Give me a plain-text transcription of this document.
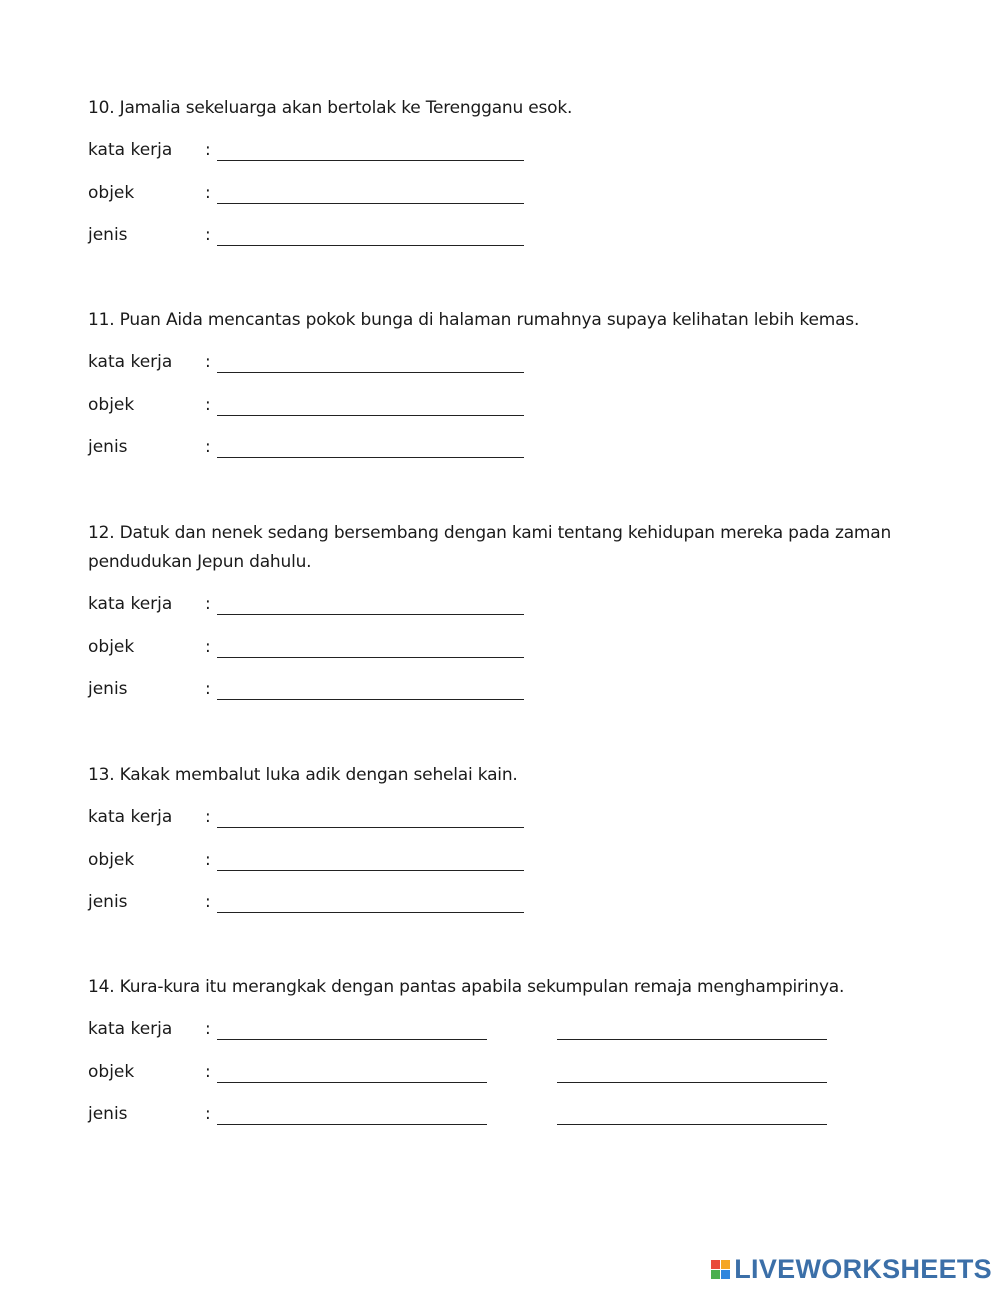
10. Jamalia sekeluarga akan bertolak ke Terengganu esok.

kata kerja :
objek	:
jenis	:

11. Puan Aida mencantas pokok bunga di halaman rumahnya supaya kelihatan lebih kemas.

kata kerja :
objek	:
jenis	:

12. Datuk dan nenek sedang bersembang dengan kami tentang kehidupan mereka pada zaman pendudukan Jepun dahulu.

kata kerja :
objek	:
jenis	:

13. Kakak membalut luka adik dengan sehelai kain.

kata kerja :
objek	:
jenis	:

14. Kura-kura itu merangkak dengan pantas apabila sekumpulan remaja menghampirinya.

kata kerja :
objek	:
jenis	:
LIVEWORKSHEETS
